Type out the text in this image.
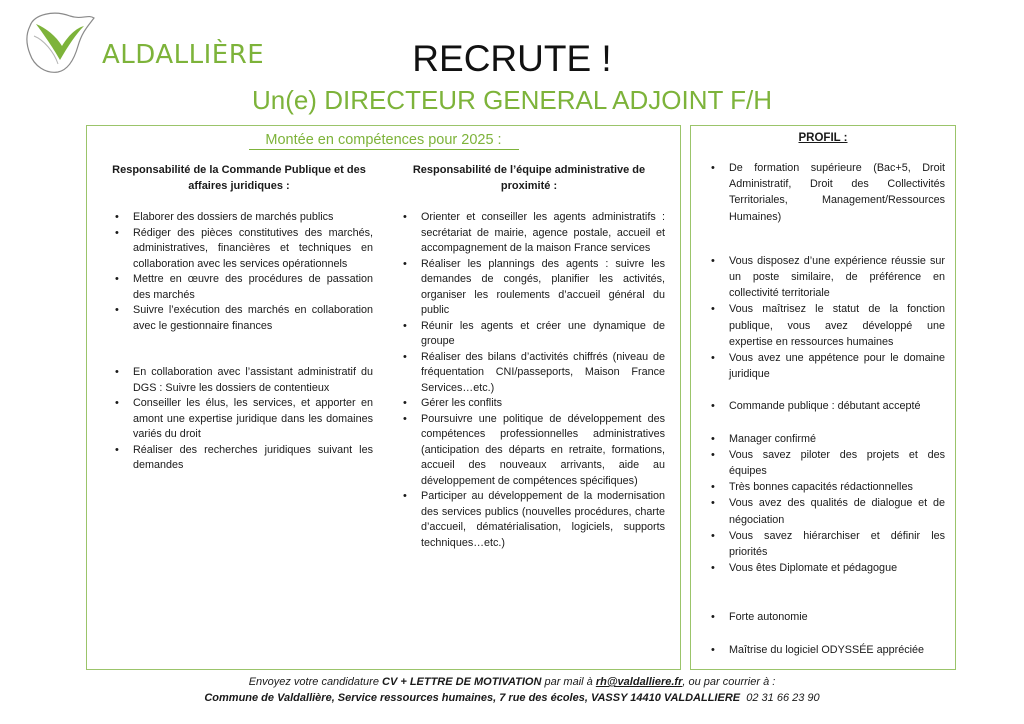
ALDALLIÈRE	RECRUTE !
Un(e) DIRECTEUR GENERAL ADJOINT F/H
Montée en compétences pour 2025 :
Responsabilité de la Commande Publique et des affaires juridiques :
• Elaborer des dossiers de marchés publics
• Rédiger des pièces constitutives des marchés, administratives, financières et techniques en collaboration avec les services opérationnels
• Mettre en œuvre des procédures de passation des marchés
• Suivre l’exécution des marchés en collaboration avec le gestionnaire finances
• En collaboration avec l’assistant administratif du DGS : Suivre les dossiers de contentieux
• Conseiller les élus, les services, et apporter en amont une expertise juridique dans les domaines variés du droit
• Réaliser des recherches juridiques suivant les demandes
Responsabilité de l’équipe administrative de proximité :
• Orienter et conseiller les agents administratifs : secrétariat de mairie, agence postale, accueil et accompagnement de la maison France services
• Réaliser les plannings des agents : suivre les demandes de congés, planifier les activités, organiser les roulements d’accueil général du public
• Réunir les agents et créer une dynamique de groupe
• Réaliser des bilans d’activités chiffrés (niveau de fréquentation CNI/passeports, Maison France Services…etc.)
• Gérer les conflits
• Poursuivre une politique de développement des compétences professionnelles administratives (anticipation des départs en retraite, formations, accueil des nouveaux arrivants, aide au développement de compétences spécifiques)
• Participer au développement de la modernisation des services publics (nouvelles procédures, charte d’accueil, dématérialisation, logiciels, supports techniques…etc.)
PROFIL :
• De formation supérieure (Bac+5, Droit Administratif, Droit des Collectivités Territoriales, Management/Ressources Humaines)
• Vous disposez d’une expérience réussie sur un poste similaire, de préférence en collectivité territoriale
• Vous maîtrisez le statut de la fonction publique, vous avez développé une expertise en ressources humaines
• Vous avez une appétence pour le domaine juridique
• Commande publique : débutant accepté
• Manager confirmé
• Vous savez piloter des projets et des équipes
• Très bonnes capacités rédactionnelles
• Vous avez des qualités de dialogue et de négociation
• Vous savez hiérarchiser et définir les priorités
• Vous êtes Diplomate et pédagogue
• Forte autonomie
• Maîtrise du logiciel ODYSSÉE appréciée
Envoyez votre candidature CV + LETTRE DE MOTIVATION par mail à rh@valdalliere.fr, ou par courrier à :
Commune de Valdallière, Service ressources humaines, 7 rue des écoles, VASSY 14410 VALDALLIERE 02 31 66 23 90
